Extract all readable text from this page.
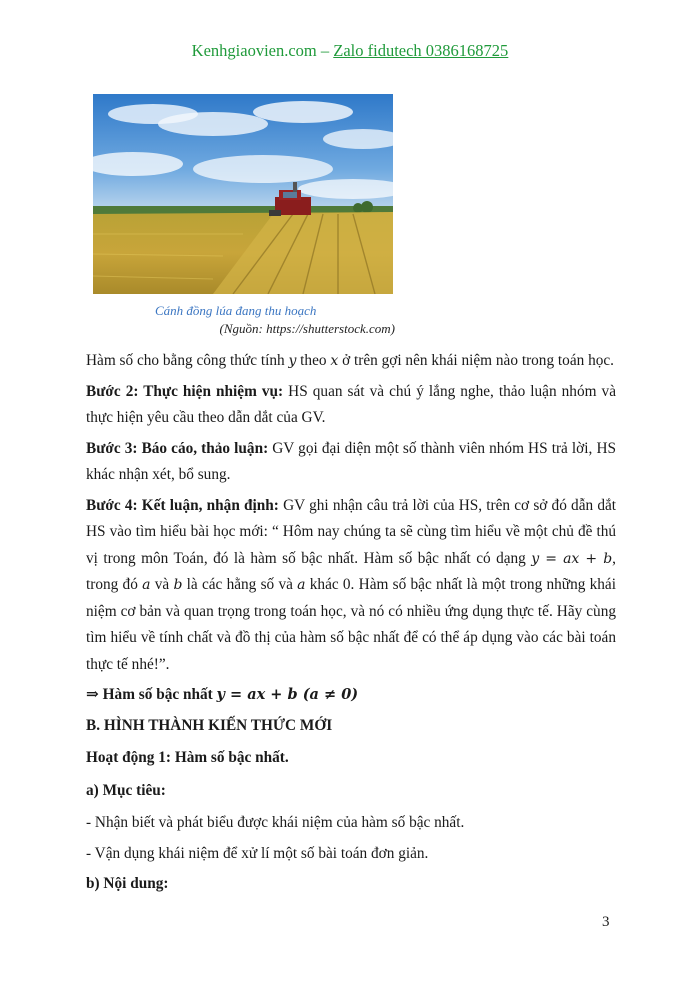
Kenhgiaovien.com – Zalo fidutech 0386168725
Cánh đồng lúa đang thu hoạch
(Nguồn: https://shutterstock.com)

Hàm số cho bằng công thức tính y theo x ở trên gợi nên khái niệm nào trong toán học.

Bước 2: Thực hiện nhiệm vụ: HS quan sát và chú ý lắng nghe, thảo luận nhóm và thực hiện yêu cầu theo dẫn dắt của GV.

Bước 3: Báo cáo, thảo luận: GV gọi đại diện một số thành viên nhóm HS trả lời, HS khác nhận xét, bổ sung.

Bước 4: Kết luận, nhận định: GV ghi nhận câu trả lời của HS, trên cơ sở đó dẫn dắt HS vào tìm hiểu bài học mới: “ Hôm nay chúng ta sẽ cùng tìm hiểu về một chủ đề thú vị trong môn Toán, đó là hàm số bậc nhất. Hàm số bậc nhất có dạng y = ax + b, trong đó a và b là các hằng số và a khác 0. Hàm số bậc nhất là một trong những khái niệm cơ bản và quan trọng trong toán học, và nó có nhiều ứng dụng thực tế. Hãy cùng tìm hiểu về tính chất và đồ thị của hàm số bậc nhất để có thể áp dụng vào các bài toán thực tế nhé!”.

⇒ Hàm số bậc nhất y = ax + b (a ≠ 0)

B. HÌNH THÀNH KIẾN THỨC MỚI

Hoạt động 1: Hàm số bậc nhất.

a) Mục tiêu:

- Nhận biết và phát biểu được khái niệm của hàm số bậc nhất.

- Vận dụng khái niệm để xử lí một số bài toán đơn giản.

b) Nội dung:

3
